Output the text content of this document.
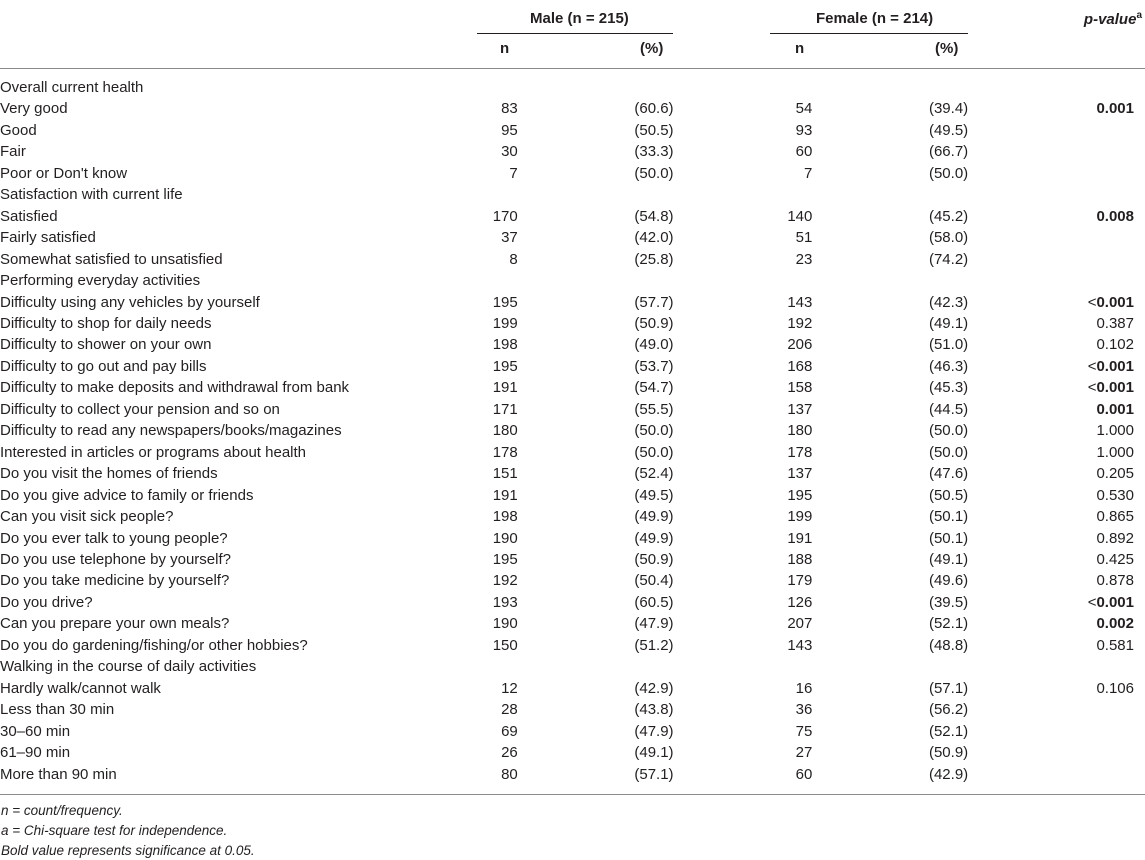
Male (n = 215)	Female (n = 214)	p-value$^a$
n	(%)	n	(%)
Overall current health					
Very good	83	(60.6)	54	(39.4)	0.001
Good	95	(50.5)	93	(49.5)	
Fair	30	(33.3)	60	(66.7)	
Poor or Don't know	7	(50.0)	7	(50.0)	
Satisfaction with current life					
Satisfied	170	(54.8)	140	(45.2)	0.008
Fairly satisfied	37	(42.0)	51	(58.0)	
Somewhat satisfied to unsatisfied	8	(25.8)	23	(74.2)	
Performing everyday activities					
Difficulty using any vehicles by yourself	195	(57.7)	143	(42.3)	<0.001
Difficulty to shop for daily needs	199	(50.9)	192	(49.1)	0.387
Difficulty to shower on your own	198	(49.0)	206	(51.0)	0.102
Difficulty to go out and pay bills	195	(53.7)	168	(46.3)	<0.001
Difficulty to make deposits and withdrawal from bank	191	(54.7)	158	(45.3)	<0.001
Difficulty to collect your pension and so on	171	(55.5)	137	(44.5)	0.001
Difficulty to read any newspapers/books/magazines	180	(50.0)	180	(50.0)	1.000
Interested in articles or programs about health	178	(50.0)	178	(50.0)	1.000
Do you visit the homes of friends	151	(52.4)	137	(47.6)	0.205
Do you give advice to family or friends	191	(49.5)	195	(50.5)	0.530
Can you visit sick people?	198	(49.9)	199	(50.1)	0.865
Do you ever talk to young people?	190	(49.9)	191	(50.1)	0.892
Do you use telephone by yourself?	195	(50.9)	188	(49.1)	0.425
Do you take medicine by yourself?	192	(50.4)	179	(49.6)	0.878
Do you drive?	193	(60.5)	126	(39.5)	<0.001
Can you prepare your own meals?	190	(47.9)	207	(52.1)	0.002
Do you do gardening/fishing/or other hobbies?	150	(51.2)	143	(48.8)	0.581
Walking in the course of daily activities					
Hardly walk/cannot walk	12	(42.9)	16	(57.1)	0.106
Less than 30 min	28	(43.8)	36	(56.2)	
30–60 min	69	(47.9)	75	(52.1)	
61–90 min	26	(49.1)	27	(50.9)	
More than 90 min	80	(57.1)	60	(42.9)	
n = count/frequency.
a = Chi-square test for independence.
Bold value represents significance at 0.05.
